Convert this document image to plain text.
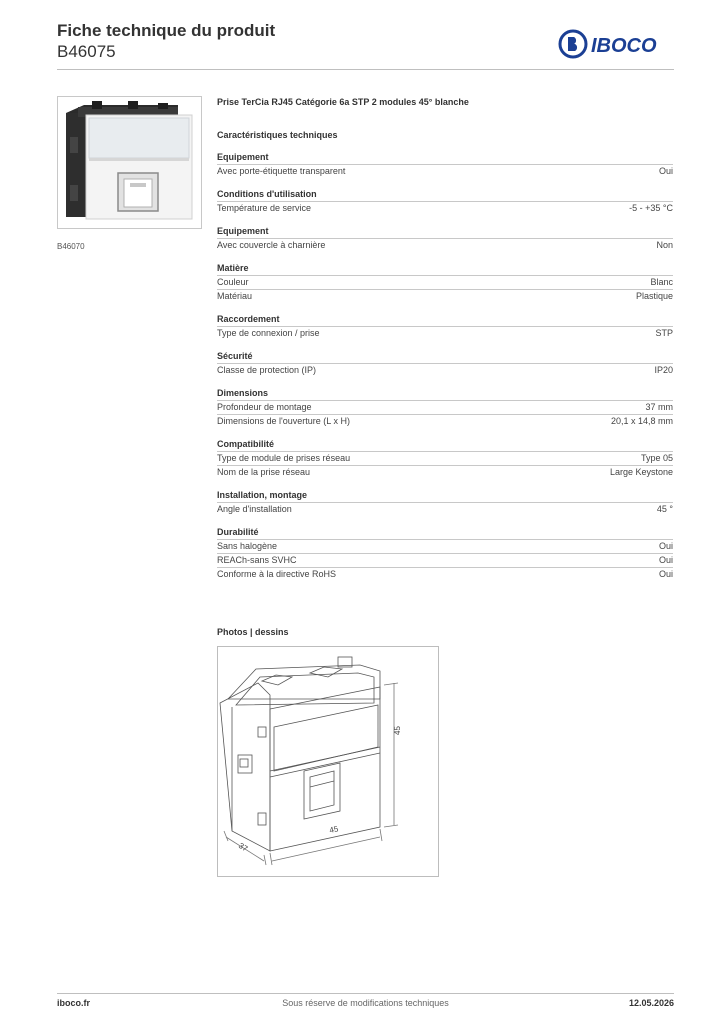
Fiche technique du produit
B46075	IBOCO
B46070
Prise TerCia RJ45 Catégorie 6a STP 2 modules 45° blanche
Caractéristiques techniques
Equipement
Avec porte-étiquette transparent	Oui
Conditions d'utilisation
Température de service	-5 - +35 °C
Equipement
Avec couvercle à charnière	Non
Matière
Couleur	Blanc
Matériau	Plastique
Raccordement
Type de connexion / prise	STP
Sécurité
Classe de protection (IP)	IP20
Dimensions
Profondeur de montage	37 mm
Dimensions de l'ouverture (L x H)	20,1 x 14,8 mm
Compatibilité
Type de module de prises réseau	Type 05
Nom de la prise réseau	Large Keystone
Installation, montage
Angle d'installation	45 °
Durabilité
Sans halogène	Oui
REACh-sans SVHC	Oui
Conforme à la directive RoHS	Oui
Photos | dessins
45
45
37
iboco.fr	Sous réserve de modifications techniques	12.05.2026
